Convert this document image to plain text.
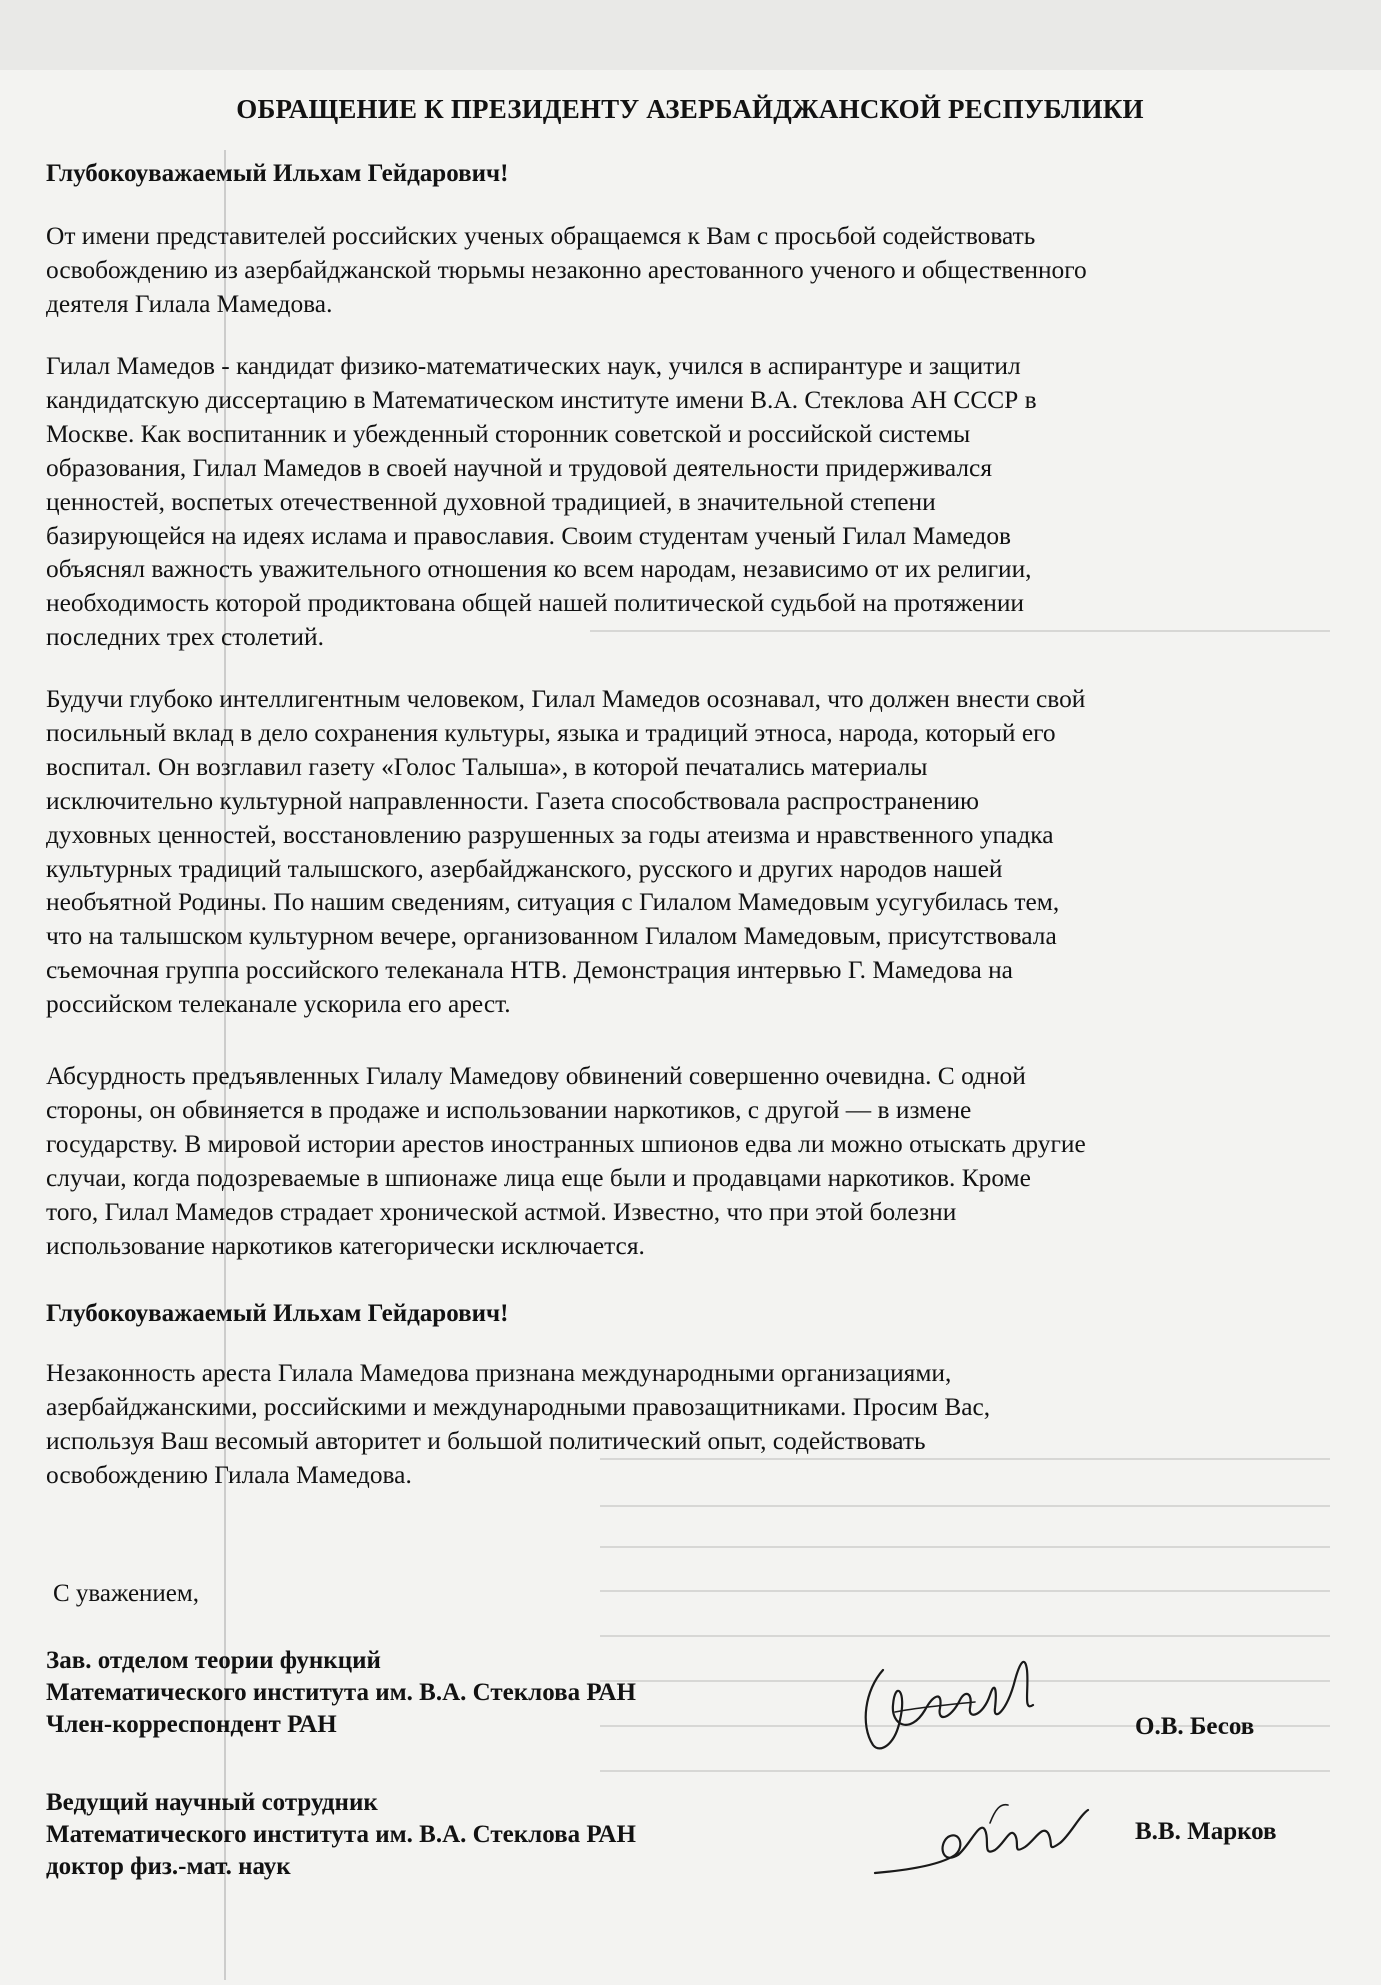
ОБРАЩЕНИЕ К ПРЕЗИДЕНТУ АЗЕРБАЙДЖАНСКОЙ РЕСПУБЛИКИ
Глубокоуважаемый Ильхам Гейдарович!

От имени представителей российских ученых обращаемся к Вам с просьбой содействовать
освобождению из азербайджанской тюрьмы незаконно арестованного ученого и общественного
деятеля Гилала Мамедова.

Гилал Мамедов - кандидат физико-математических наук, учился в аспирантуре и защитил
кандидатскую диссертацию в Математическом институте имени В.А. Стеклова АН СССР в
Москве. Как воспитанник и убежденный сторонник советской и российской системы
образования, Гилал Мамедов в своей научной и трудовой деятельности придерживался
ценностей, воспетых отечественной духовной традицией, в значительной степени
базирующейся на идеях ислама и православия. Своим студентам ученый Гилал Мамедов
объяснял важность уважительного отношения ко всем народам, независимо от их религии,
необходимость которой продиктована общей нашей политической судьбой на протяжении
последних трех столетий.

Будучи глубоко интеллигентным человеком, Гилал Мамедов осознавал, что должен внести свой
посильный вклад в дело сохранения культуры, языка и традиций этноса, народа, который его
воспитал. Он возглавил газету «Голос Талыша», в которой печатались материалы
исключительно культурной направленности. Газета способствовала распространению
духовных ценностей, восстановлению разрушенных за годы атеизма и нравственного упадка
культурных традиций талышского, азербайджанского, русского и других народов нашей
необъятной Родины. По нашим сведениям, ситуация с Гилалом Мамедовым усугубилась тем,
что на талышском культурном вечере, организованном Гилалом Мамедовым, присутствовала
съемочная группа российского телеканала НТВ. Демонстрация интервью Г. Мамедова на
российском телеканале ускорила его арест.

Абсурдность предъявленных Гилалу Мамедову обвинений совершенно очевидна. С одной
стороны, он обвиняется в продаже и использовании наркотиков, с другой — в измене
государству. В мировой истории арестов иностранных шпионов едва ли можно отыскать другие
случаи, когда подозреваемые в шпионаже лица еще были и продавцами наркотиков. Кроме
того, Гилал Мамедов страдает хронической астмой. Известно, что при этой болезни
использование наркотиков категорически исключается.

Глубокоуважаемый Ильхам Гейдарович!

Незаконность ареста Гилала Мамедова признана международными организациями,
азербайджанскими, российскими и международными правозащитниками. Просим Вас,
используя Ваш весомый авторитет и большой политический опыт, содействовать
освобождению Гилала Мамедова.

С уважением,
Зав. отделом теории функций
Математического института им. В.А. Стеклова РАН
Член-корреспондент РАН	О.В. Бесов
Ведущий научный сотрудник
Математического института им. В.А. Стеклова РАН
доктор физ.-мат. наук
В.В. Марков
